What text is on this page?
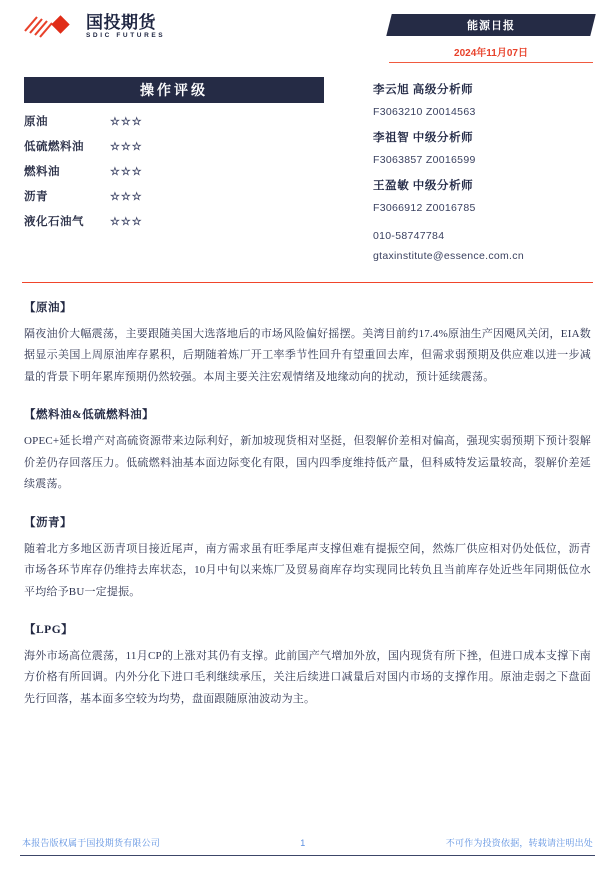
国投期货
SDIC FUTURES
能源日报
2024年11月07日
操作评级
原油	☆☆☆
低硫燃料油	☆☆☆
燃料油	☆☆☆
沥青	☆☆☆
液化石油气	☆☆☆
李云旭 高级分析师
F3063210 Z0014563
李祖智 中级分析师
F3063857 Z0016599
王盈敏 中级分析师
F3066912 Z0016785
010-58747784
gtaxinstitute@essence.com.cn
【原油】
隔夜油价大幅震荡，主要跟随美国大选落地后的市场风险偏好摇摆。美湾目前约17.4%原油生产因飓风关闭，EIA数据显示美国上周原油库存累积，后期随着炼厂开工率季节性回升有望重回去库，但需求弱预期及供应难以进一步减量的背景下明年累库预期仍然较强。本周主要关注宏观情绪及地缘动向的扰动，预计延续震荡。
【燃料油&低硫燃料油】
OPEC+延长增产对高硫资源带来边际利好，新加坡现货相对坚挺，但裂解价差相对偏高，强现实弱预期下预计裂解价差仍存回落压力。低硫燃料油基本面边际变化有限，国内四季度维持低产量，但科威特发运量较高，裂解价差延续震荡。
【沥青】
随着北方多地区沥青项目接近尾声，南方需求虽有旺季尾声支撑但难有提振空间，然炼厂供应相对仍处低位，沥青市场各环节库存仍维持去库状态，10月中旬以来炼厂及贸易商库存均实现同比转负且当前库存处近些年同期低位水平均给予BU一定提振。
【LPG】
海外市场高位震荡，11月CP的上涨对其仍有支撑。此前国产气增加外放，国内现货有所下挫，但进口成本支撑下南方价格有所回调。内外分化下进口毛利继续承压，关注后续进口减量后对国内市场的支撑作用。原油走弱之下盘面先行回落，基本面多空较为均势，盘面跟随原油波动为主。
本报告版权属于国投期货有限公司	1	不可作为投资依据，转载请注明出处
